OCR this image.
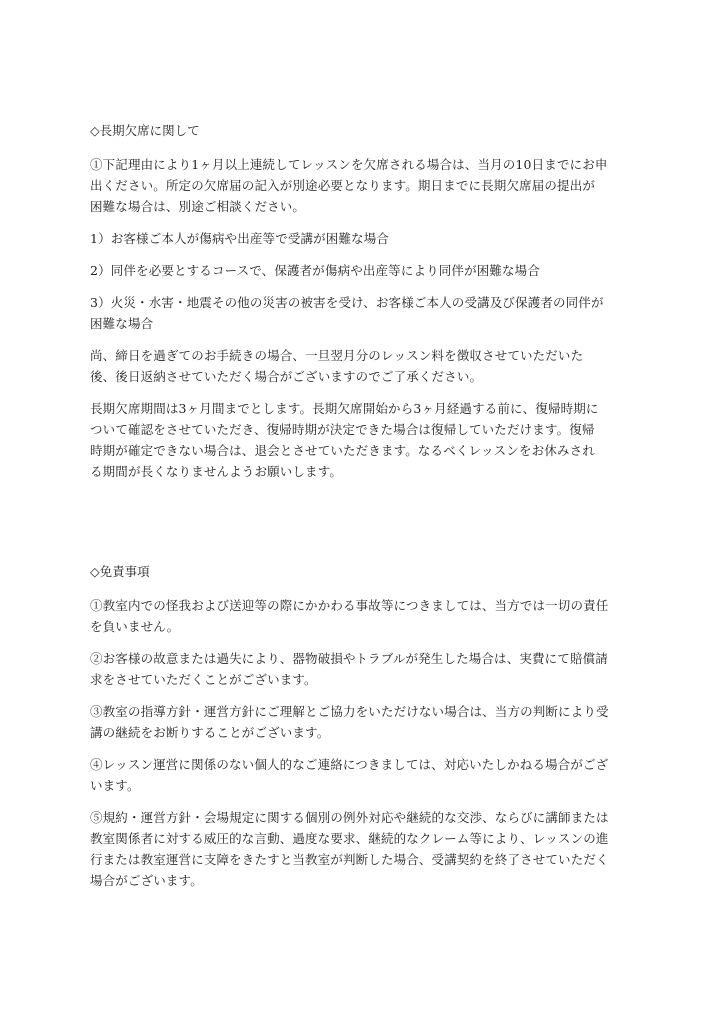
◇長期欠席に関して
①下記理由により1ヶ月以上連続してレッスンを欠席される場合は、当月の10日までにお申
出ください。所定の欠席届の記入が別途必要となります。期日までに長期欠席届の提出が
困難な場合は、別途ご相談ください。
1）お客様ご本人が傷病や出産等で受講が困難な場合
2）同伴を必要とするコースで、保護者が傷病や出産等により同伴が困難な場合
3）火災・水害・地震その他の災害の被害を受け、お客様ご本人の受講及び保護者の同伴が
困難な場合
尚、締日を過ぎてのお手続きの場合、一旦翌月分のレッスン料を徴収させていただいた
後、後日返納させていただく場合がございますのでご了承ください。
長期欠席期間は3ヶ月間までとします。長期欠席開始から3ヶ月経過する前に、復帰時期に
ついて確認をさせていただき、復帰時期が決定できた場合は復帰していただけます。復帰
時期が確定できない場合は、退会とさせていただきます。なるべくレッスンをお休みされ
る期間が長くなりませんようお願いします。
◇免責事項
①教室内での怪我および送迎等の際にかかわる事故等につきましては、当方では一切の責任
を負いません。
②お客様の故意または過失により、器物破損やトラブルが発生した場合は、実費にて賠償請
求をさせていただくことがございます。
③教室の指導方針・運営方針にご理解とご協力をいただけない場合は、当方の判断により受
講の継続をお断りすることがございます。
④レッスン運営に関係のない個人的なご連絡につきましては、対応いたしかねる場合がござ
います。
⑤規約・運営方針・会場規定に関する個別の例外対応や継続的な交渉、ならびに講師または
教室関係者に対する威圧的な言動、過度な要求、継続的なクレーム等により、レッスンの進
行または教室運営に支障をきたすと当教室が判断した場合、受講契約を終了させていただく
場合がございます。
